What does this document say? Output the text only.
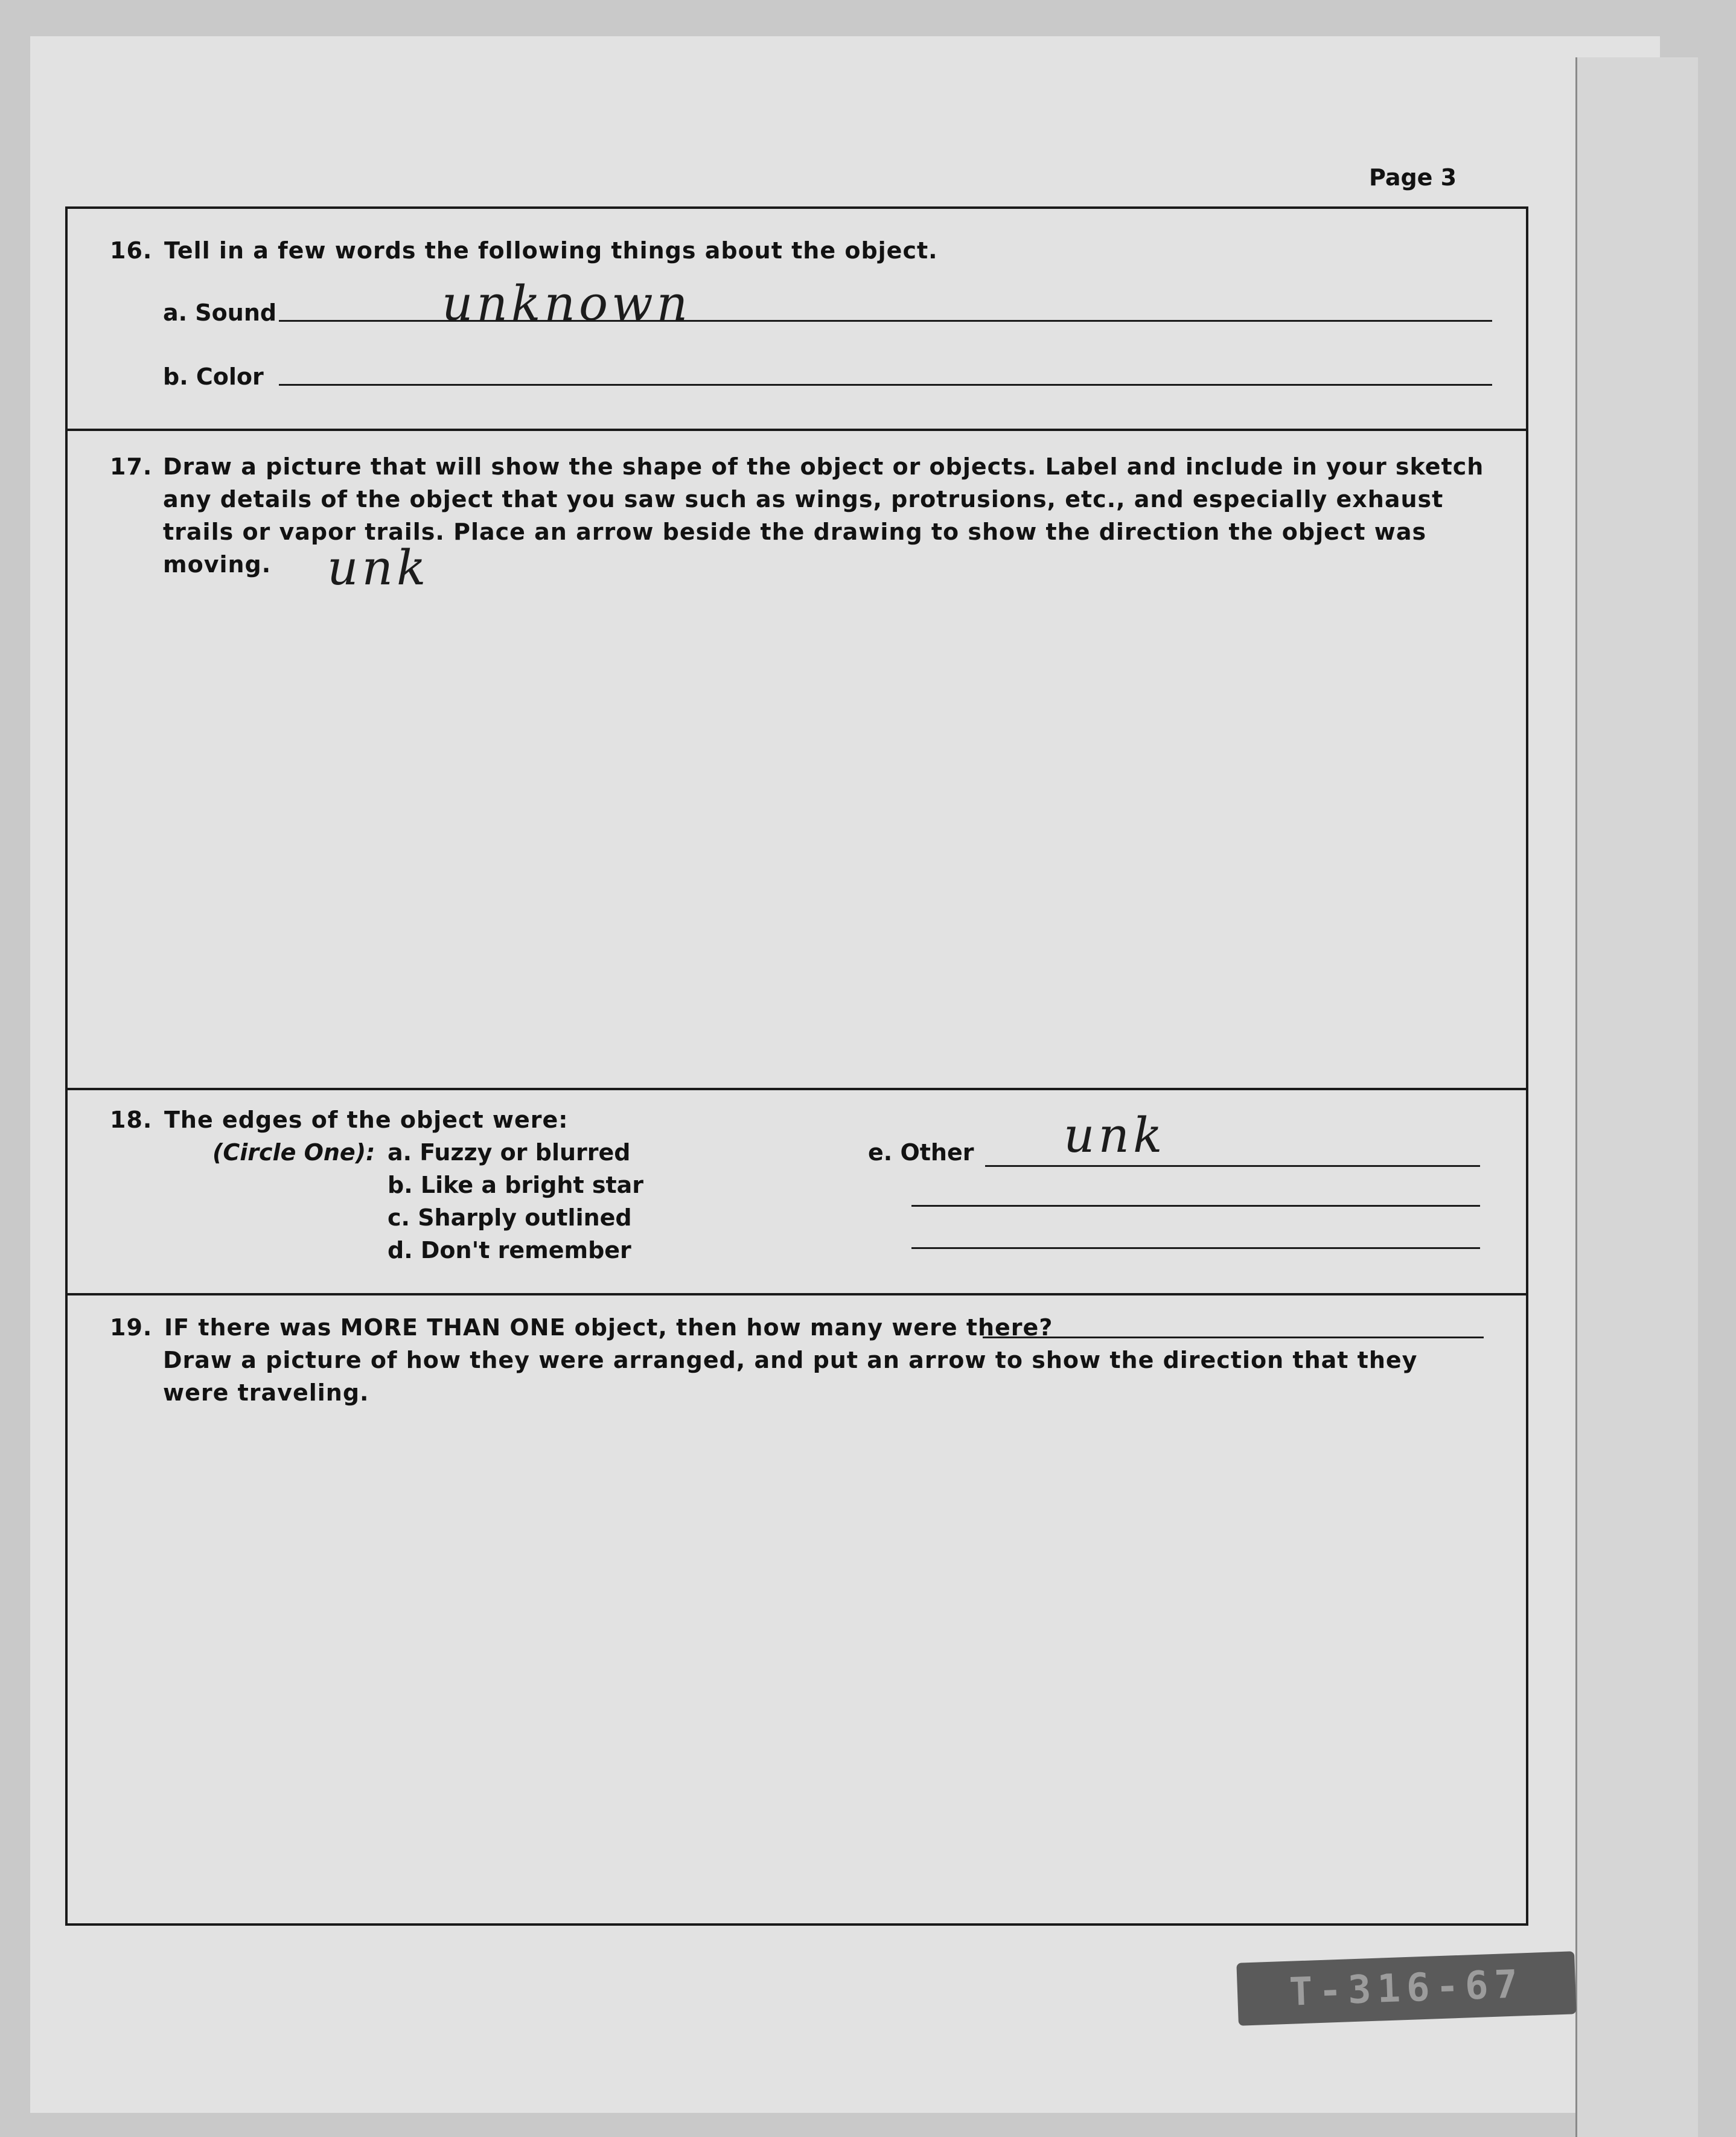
Page 3
16. Tell in a few words the following things about the object.
a. Sound	unknown
b. Color
17. Draw a picture that will show the shape of the object or objects. Label and include in your sketch any details of the object that you saw such as wings, protrusions, etc., and especially exhaust trails or vapor trails. Place an arrow beside the drawing to show the direction the object was moving.	unk
18. The edges of the object were:
(Circle One): a. Fuzzy or blurred
b. Like a bright star
c. Sharply outlined
d. Don't remember
e. Other unk
19. IF there was MORE THAN ONE object, then how many were there?
Draw a picture of how they were arranged, and put an arrow to show the direction that they were traveling.
T-316-67
